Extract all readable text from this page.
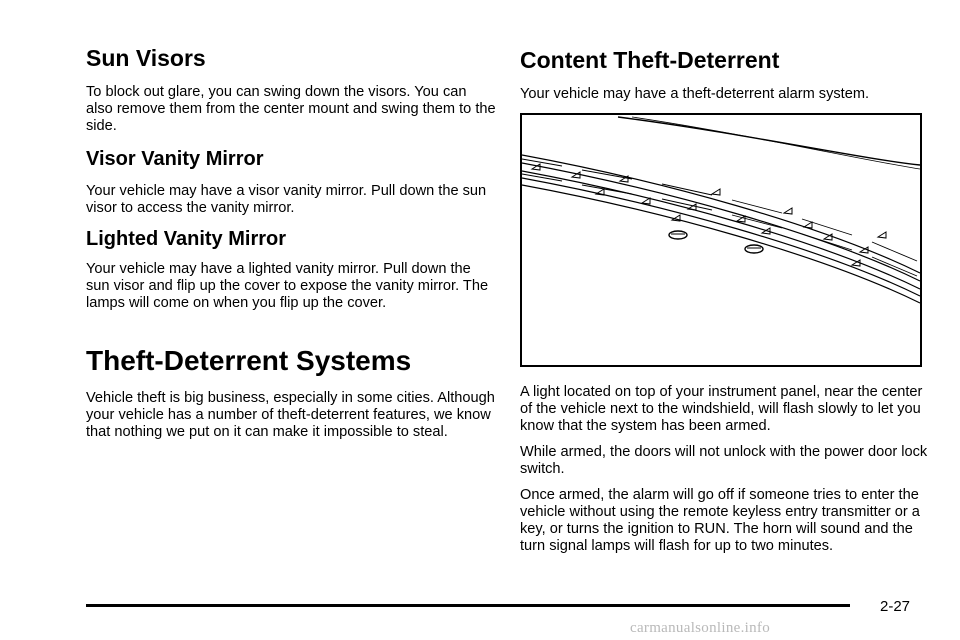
Sun Visors

To block out glare, you can swing down the visors. You can also remove them from the center mount and swing them to the side.

Visor Vanity Mirror

Your vehicle may have a visor vanity mirror. Pull down the sun visor to access the vanity mirror.

Lighted Vanity Mirror

Your vehicle may have a lighted vanity mirror. Pull down the sun visor and flip up the cover to expose the vanity mirror. The lamps will come on when you flip up the cover.

Theft-Deterrent Systems

Vehicle theft is big business, especially in some cities. Although your vehicle has a number of theft-deterrent features, we know that nothing we put on it can make it impossible to steal.

Content Theft-Deterrent

Your vehicle may have a theft-deterrent alarm system.

A light located on top of your instrument panel, near the center of the vehicle next to the windshield, will flash slowly to let you know that the system has been armed.

While armed, the doors will not unlock with the power door lock switch.

Once armed, the alarm will go off if someone tries to enter the vehicle without using the remote keyless entry transmitter or a key, or turns the ignition to RUN. The horn will sound and the turn signal lamps will flash for up to two minutes.

2-27
carmanualsonline.info
